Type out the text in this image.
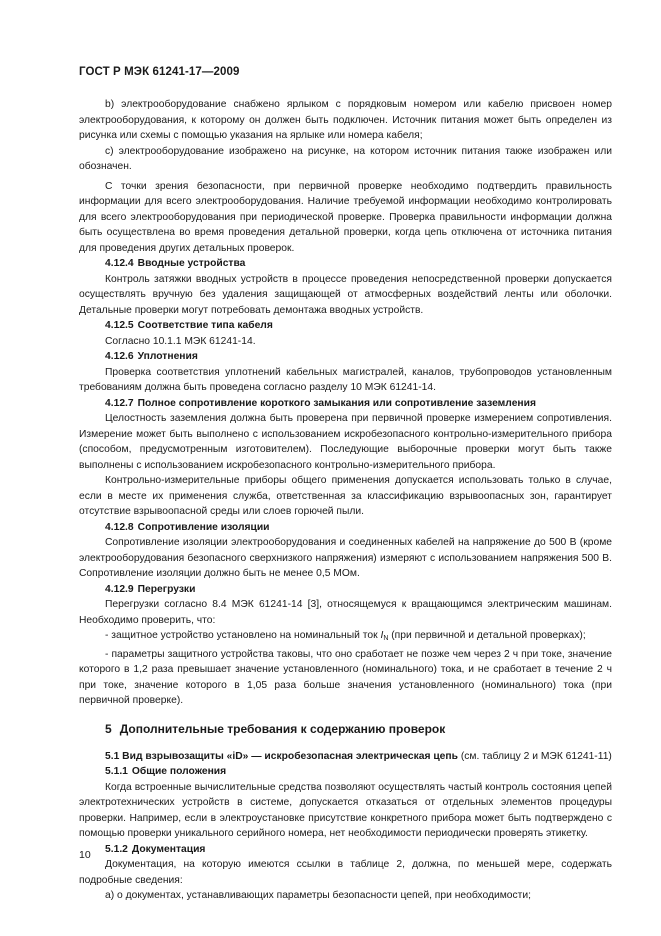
ГОСТ Р МЭК 61241-17—2009

b) электрооборудование снабжено ярлыком с порядковым номером или кабелю присвоен номер электрооборудования, к которому он должен быть подключен. Источник питания может быть определен из рисунка или схемы с помощью указания на ярлыке или номера кабеля;

c) электрооборудование изображено на рисунке, на котором источник питания также изображен или обозначен.

С точки зрения безопасности, при первичной проверке необходимо подтвердить правильность информации для всего электрооборудования. Наличие требуемой информации необходимо контролировать для всего электрооборудования при периодической проверке. Проверка правильности информации должна быть осуществлена во время проведения детальной проверки, когда цепь отключена от источника питания для проведения других детальных проверок.

4.12.4 Вводные устройства

Контроль затяжки вводных устройств в процессе проведения непосредственной проверки допускается осуществлять вручную без удаления защищающей от атмосферных воздействий ленты или оболочки. Детальные проверки могут потребовать демонтажа вводных устройств.

4.12.5 Соответствие типа кабеля

Согласно 10.1.1 МЭК 61241-14.

4.12.6 Уплотнения

Проверка соответствия уплотнений кабельных магистралей, каналов, трубопроводов установленным требованиям должна быть проведена согласно разделу 10 МЭК 61241-14.

4.12.7 Полное сопротивление короткого замыкания или сопротивление заземления

Целостность заземления должна быть проверена при первичной проверке измерением сопротивления. Измерение может быть выполнено с использованием искробезопасного контрольно-измерительного прибора (способом, предусмотренным изготовителем). Последующие выборочные проверки могут быть также выполнены с использованием искробезопасного контрольно-измерительного прибора.

Контрольно-измерительные приборы общего применения допускается использовать только в случае, если в месте их применения служба, ответственная за классификацию взрывоопасных зон, гарантирует отсутствие взрывоопасной среды или слоев горючей пыли.

4.12.8 Сопротивление изоляции

Сопротивление изоляции электрооборудования и соединенных кабелей на напряжение до 500 В (кроме электрооборудования безопасного сверхнизкого напряжения) измеряют с использованием напряжения 500 В. Сопротивление изоляции должно быть не менее 0,5 МОм.

4.12.9 Перегрузки

Перегрузки согласно 8.4 МЭК 61241-14 [3], относящемуся к вращающимся электрическим машинам. Необходимо проверить, что:

- защитное устройство установлено на номинальный ток $I_N$ (при первичной и детальной проверках);

- параметры защитного устройства таковы, что оно сработает не позже чем через 2 ч при токе, значение которого в 1,2 раза превышает значение установленного (номинального) тока, и не сработает в течение 2 ч при токе, значение которого в 1,05 раза больше значения установленного (номинального) тока (при первичной проверке).

5 Дополнительные требования к содержанию проверок

5.1 Вид взрывозащиты «iD» — искробезопасная электрическая цепь (см. таблицу 2 и МЭК 61241-11)

5.1.1 Общие положения

Когда встроенные вычислительные средства позволяют осуществлять частый контроль состояния цепей электротехнических устройств в системе, допускается отказаться от отдельных элементов процедуры проверки. Например, если в электроустановке присутствие конкретного прибора может быть подтверждено с помощью проверки уникального серийного номера, нет необходимости периодически проверять этикетку.

5.1.2 Документация

Документация, на которую имеются ссылки в таблице 2, должна, по меньшей мере, содержать подробные сведения:

a) о документах, устанавливающих параметры безопасности цепей, при необходимости;

10
